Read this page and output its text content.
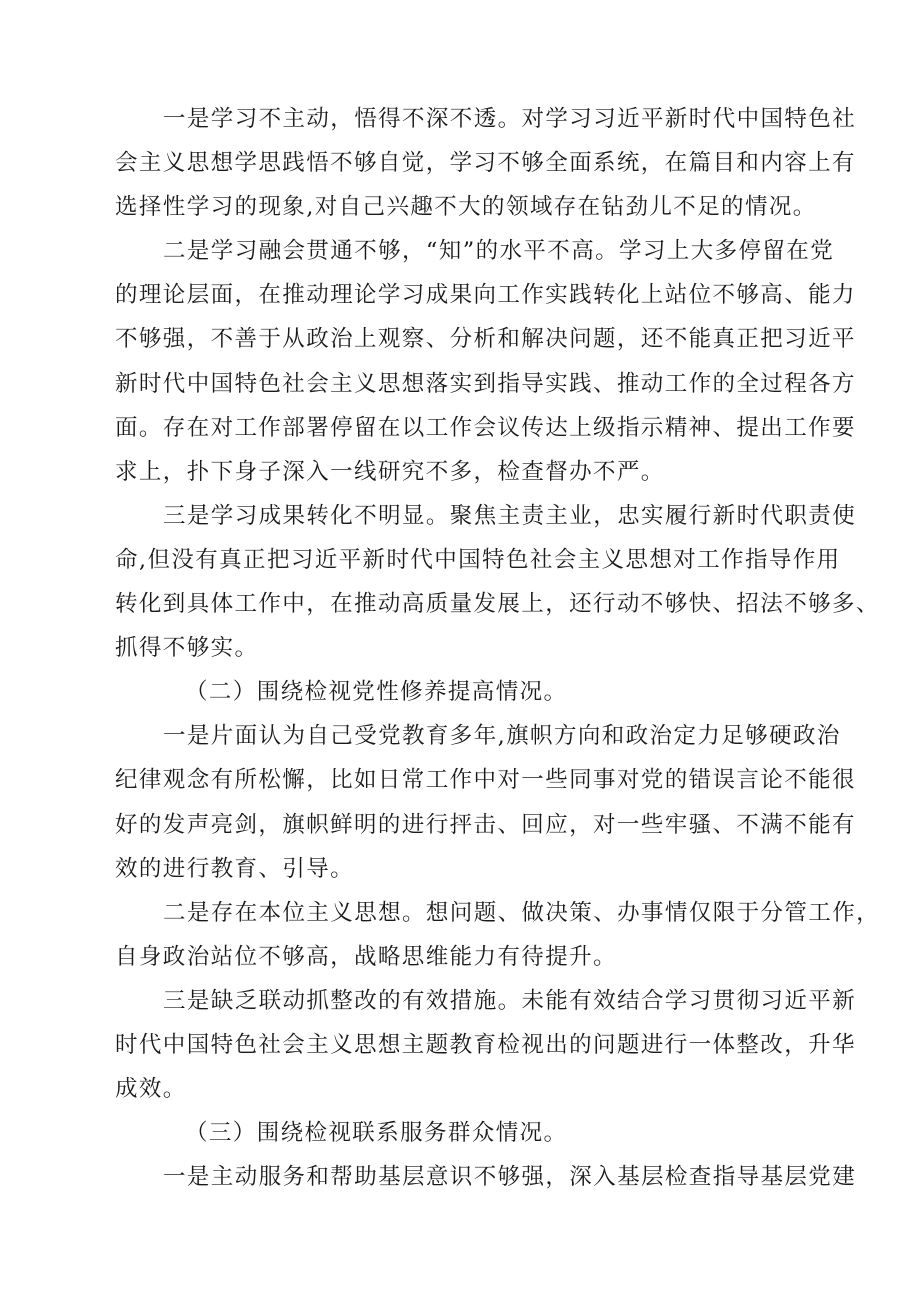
一是学习不主动，悟得不深不透。对学习习近平新时代中国特色社
会主义思想学思践悟不够自觉，学习不够全面系统，在篇目和内容上有
选择性学习的现象,对自己兴趣不大的领域存在钻劲儿不足的情况。
二是学习融会贯通不够，“知”的水平不高。学习上大多停留在党
的理论层面，在推动理论学习成果向工作实践转化上站位不够高、能力
不够强，不善于从政治上观察、分析和解决问题，还不能真正把习近平
新时代中国特色社会主义思想落实到指导实践、推动工作的全过程各方
面。存在对工作部署停留在以工作会议传达上级指示精神、提出工作要
求上，扑下身子深入一线研究不多，检查督办不严。
三是学习成果转化不明显。聚焦主责主业，忠实履行新时代职责使
命,但没有真正把习近平新时代中国特色社会主义思想对工作指导作用
转化到具体工作中，在推动高质量发展上，还行动不够快、招法不够多、
抓得不够实。
（二）围绕检视党性修养提高情况。
一是片面认为自己受党教育多年,旗帜方向和政治定力足够硬政治
纪律观念有所松懈，比如日常工作中对一些同事对党的错误言论不能很
好的发声亮剑，旗帜鲜明的进行抨击、回应，对一些牢骚、不满不能有
效的进行教育、引导。
二是存在本位主义思想。想问题、做决策、办事情仅限于分管工作，
自身政治站位不够高，战略思维能力有待提升。
三是缺乏联动抓整改的有效措施。未能有效结合学习贯彻习近平新
时代中国特色社会主义思想主题教育检视出的问题进行一体整改，升华
成效。
（三）围绕检视联系服务群众情况。
一是主动服务和帮助基层意识不够强，深入基层检查指导基层党建
